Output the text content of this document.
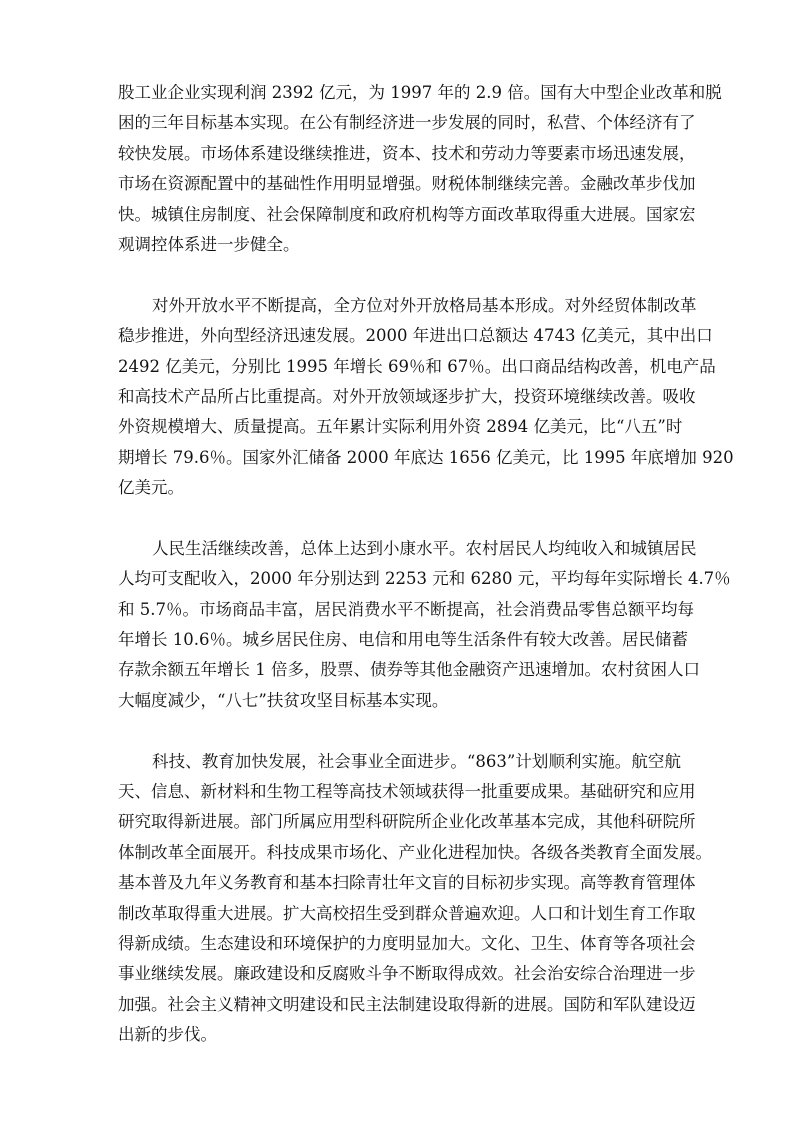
股工业企业实现利润 2392 亿元，为 1997 年的 2.9 倍。国有大中型企业改革和脱
困的三年目标基本实现。在公有制经济进一步发展的同时，私营、个体经济有了
较快发展。市场体系建设继续推进，资本、技术和劳动力等要素市场迅速发展，
市场在资源配置中的基础性作用明显增强。财税体制继续完善。金融改革步伐加
快。城镇住房制度、社会保障制度和政府机构等方面改革取得重大进展。国家宏
观调控体系进一步健全。
对外开放水平不断提高，全方位对外开放格局基本形成。对外经贸体制改革
稳步推进，外向型经济迅速发展。2000 年进出口总额达 4743 亿美元，其中出口
2492 亿美元，分别比 1995 年增长 69％和 67％。出口商品结构改善，机电产品
和高技术产品所占比重提高。对外开放领域逐步扩大，投资环境继续改善。吸收
外资规模增大、质量提高。五年累计实际利用外资 2894 亿美元，比“八五”时
期增长 79.6％。国家外汇储备 2000 年底达 1656 亿美元，比 1995 年底增加 920
亿美元。
人民生活继续改善，总体上达到小康水平。农村居民人均纯收入和城镇居民
人均可支配收入，2000 年分别达到 2253 元和 6280 元，平均每年实际增长 4.7％
和 5.7％。市场商品丰富，居民消费水平不断提高，社会消费品零售总额平均每
年增长 10.6％。城乡居民住房、电信和用电等生活条件有较大改善。居民储蓄
存款余额五年增长 1 倍多，股票、债券等其他金融资产迅速增加。农村贫困人口
大幅度减少，“八七”扶贫攻坚目标基本实现。
科技、教育加快发展，社会事业全面进步。“863”计划顺利实施。航空航
天、信息、新材料和生物工程等高技术领域获得一批重要成果。基础研究和应用
研究取得新进展。部门所属应用型科研院所企业化改革基本完成，其他科研院所
体制改革全面展开。科技成果市场化、产业化进程加快。各级各类教育全面发展。
基本普及九年义务教育和基本扫除青壮年文盲的目标初步实现。高等教育管理体
制改革取得重大进展。扩大高校招生受到群众普遍欢迎。人口和计划生育工作取
得新成绩。生态建设和环境保护的力度明显加大。文化、卫生、体育等各项社会
事业继续发展。廉政建设和反腐败斗争不断取得成效。社会治安综合治理进一步
加强。社会主义精神文明建设和民主法制建设取得新的进展。国防和军队建设迈
出新的步伐。
